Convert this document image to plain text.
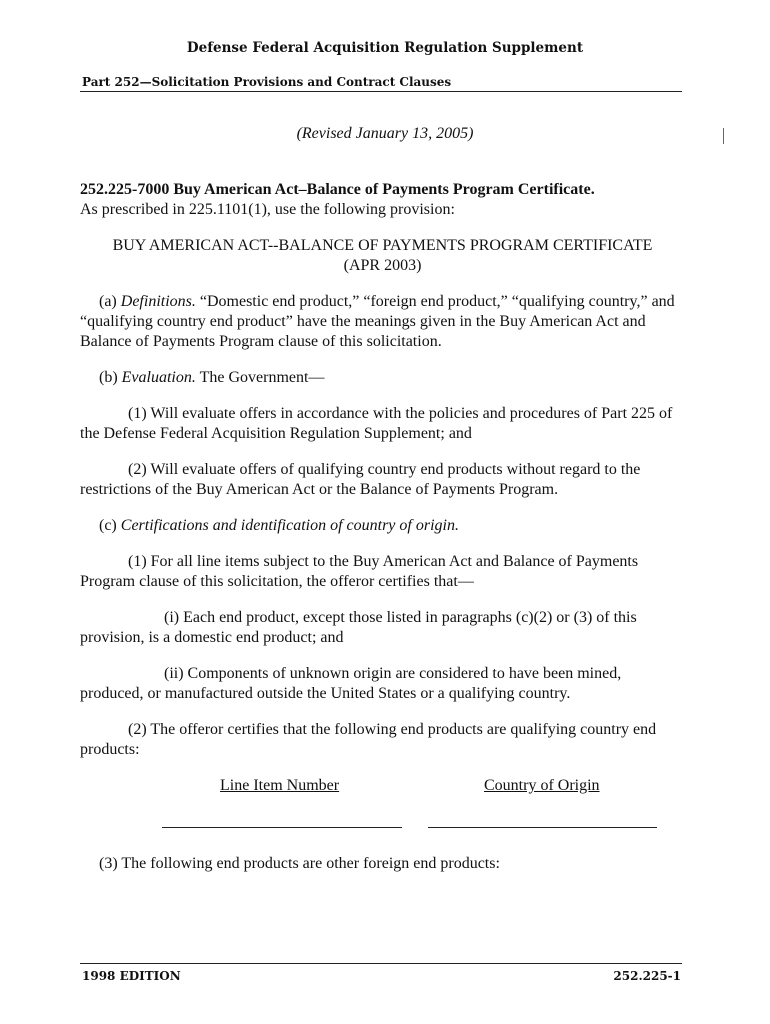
Defense Federal Acquisition Regulation Supplement
Part 252—Solicitation Provisions and Contract Clauses
(Revised January 13, 2005)

252.225-7000 Buy American Act–Balance of Payments Program Certificate.
As prescribed in 225.1101(1), use the following provision:

BUY AMERICAN ACT--BALANCE OF PAYMENTS PROGRAM CERTIFICATE
(APR 2003)

(a) Definitions. “Domestic end product,” “foreign end product,” “qualifying country,” and “qualifying country end product” have the meanings given in the Buy American Act and Balance of Payments Program clause of this solicitation.

(b) Evaluation. The Government—

(1) Will evaluate offers in accordance with the policies and procedures of Part 225 of the Defense Federal Acquisition Regulation Supplement; and

(2) Will evaluate offers of qualifying country end products without regard to the restrictions of the Buy American Act or the Balance of Payments Program.

(c) Certifications and identification of country of origin.

(1) For all line items subject to the Buy American Act and Balance of Payments Program clause of this solicitation, the offeror certifies that—

(i) Each end product, except those listed in paragraphs (c)(2) or (3) of this provision, is a domestic end product; and

(ii) Components of unknown origin are considered to have been mined, produced, or manufactured outside the United States or a qualifying country.

(2) The offeror certifies that the following end products are qualifying country end products:

Line Item Number	Country of Origin

(3) The following end products are other foreign end products:

1998 EDITION	252.225-1
